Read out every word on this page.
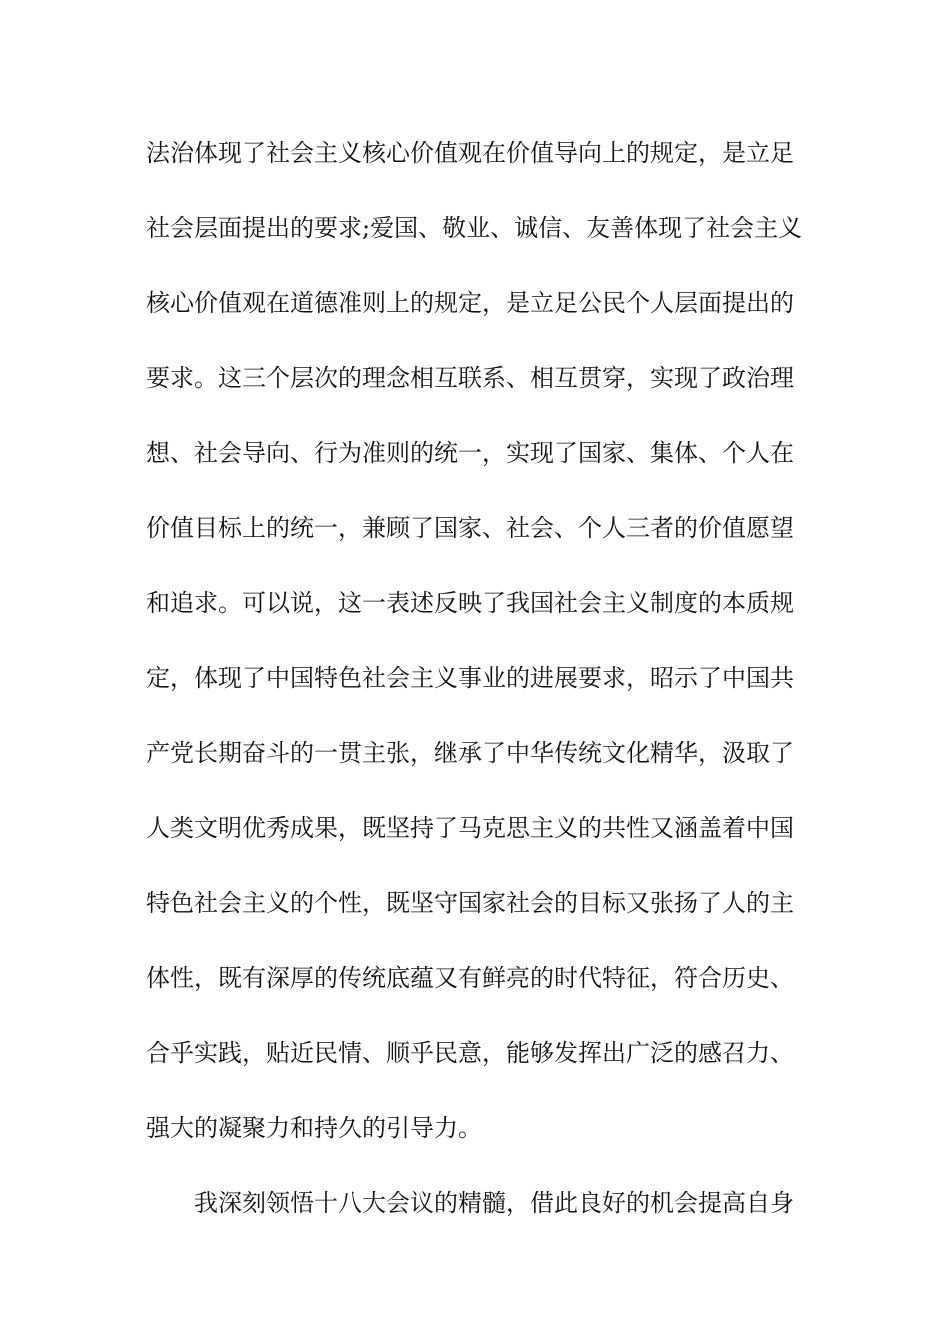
法治体现了社会主义核心价值观在价值导向上的规定，是立足
社会层面提出的要求;爱国、敬业、诚信、友善体现了社会主义
核心价值观在道德准则上的规定，是立足公民个人层面提出的
要求。这三个层次的理念相互联系、相互贯穿，实现了政治理
想、社会导向、行为准则的统一，实现了国家、集体、个人在
价值目标上的统一，兼顾了国家、社会、个人三者的价值愿望
和追求。可以说，这一表述反映了我国社会主义制度的本质规
定，体现了中国特色社会主义事业的进展要求，昭示了中国共
产党长期奋斗的一贯主张，继承了中华传统文化精华，汲取了
人类文明优秀成果，既坚持了马克思主义的共性又涵盖着中国
特色社会主义的个性，既坚守国家社会的目标又张扬了人的主
体性，既有深厚的传统底蕴又有鲜亮的时代特征，符合历史、
合乎实践，贴近民情、顺乎民意，能够发挥出广泛的感召力、
强大的凝聚力和持久的引导力。
我深刻领悟十八大会议的精髓，借此良好的机会提高自身
